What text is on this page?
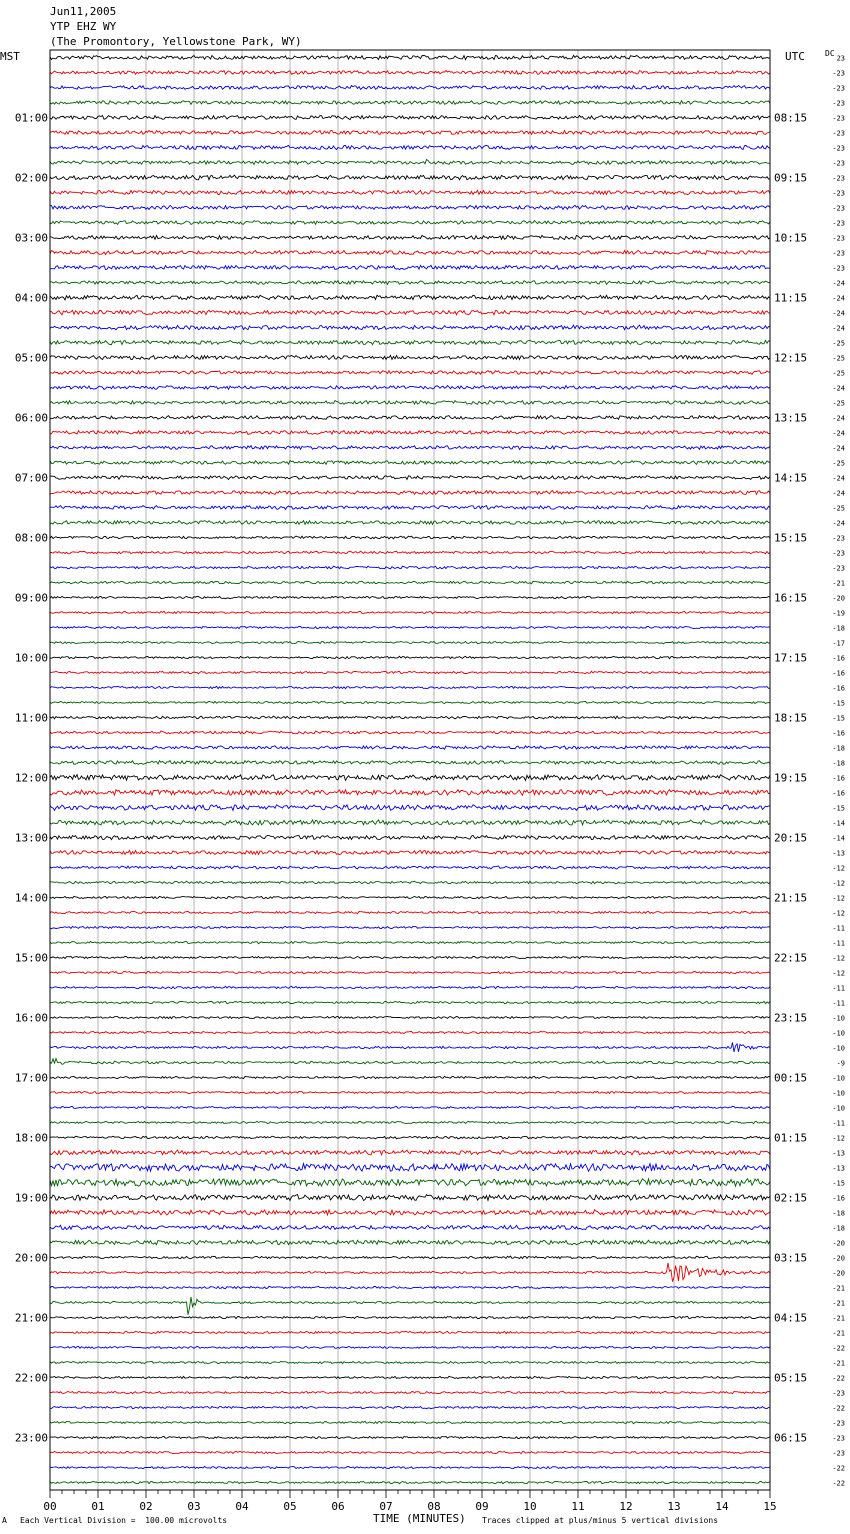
01:00
02:00
03:00
04:00
05:00
06:00
07:00
08:00
09:00
10:00
11:00
12:00
13:00
14:00
15:00
16:00
17:00
18:00
19:00
20:00
21:00
22:00
23:00
08:15
09:15
10:15
11:15
12:15
13:15
14:15
15:15
16:15
17:15
18:15
19:15
20:15
21:15
22:15
23:15
00:15
01:15
02:15
03:15
04:15
05:15
06:15
23
-23
-23
-23
-23
-23
-23
-23
-23
-23
-23
-23
-23
-23
-23
-24
-24
-24
-24
-25
-25
-25
-24
-25
-24
-24
-24
-25
-24
-24
-25
-24
-23
-23
-23
-21
-20
-19
-18
-17
-16
-16
-16
-15
-15
-16
-18
-18
-16
-16
-15
-14
-14
-13
-12
-12
-12
-12
-11
-11
-12
-12
-11
-11
-10
-10
-10
-9
-10
-10
-10
-11
-12
-13
-13
-15
-16
-18
-18
-20
-20
-20
-21
-21
-21
-21
-22
-21
-22
-23
-22
-23
-23
-23
-22
-22
00	01	02	03	04	05	06	07	08	09	10	11	12	13	14	15
Jun11,2005
YTP EHZ WY
(The Promontory, Yellowstone Park, WY)
MST	UTC	DC
A Each Vertical Division =  100.00 microvolts	TIME (MINUTES) Traces clipped at plus/minus 5 vertical divisions
